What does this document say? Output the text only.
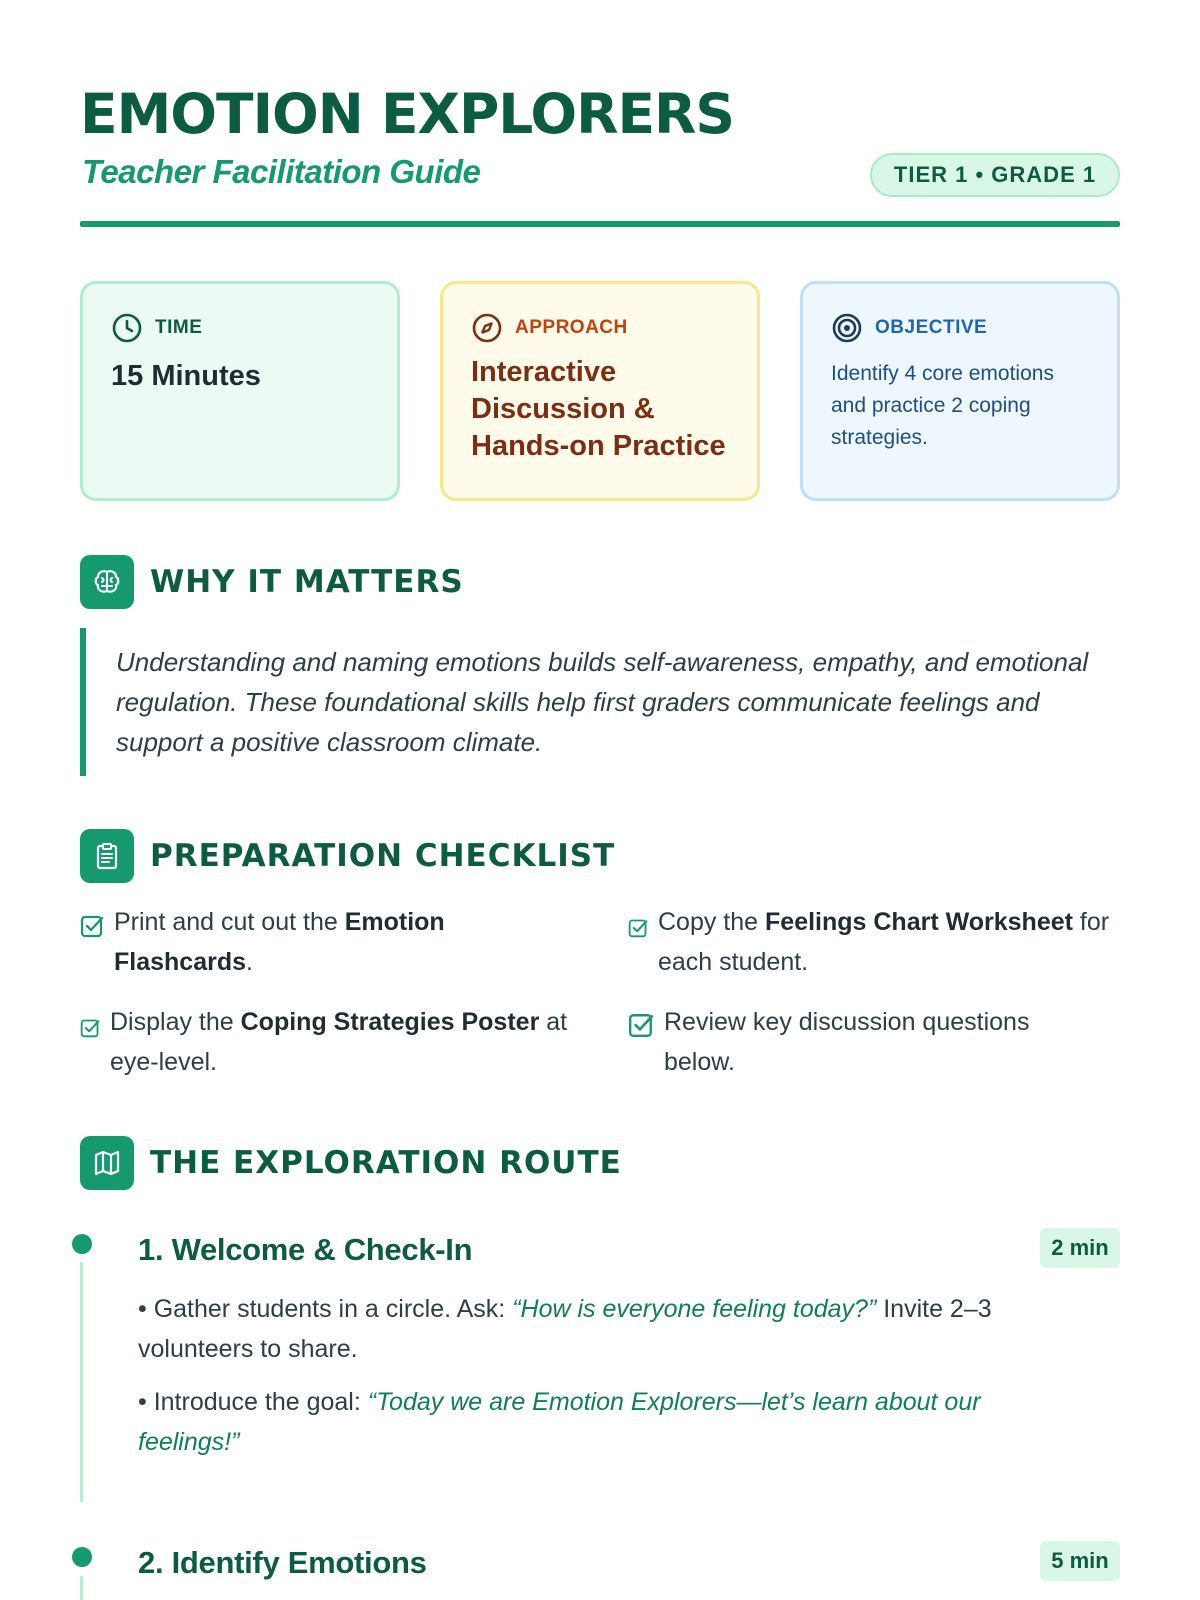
EMOTION EXPLORERS
Teacher Facilitation Guide	TIER 1 • GRADE 1
TIME
15 Minutes
APPROACH
Interactive Discussion & Hands-on Practice
OBJECTIVE
Identify 4 core emotions and practice 2 coping strategies.
WHY IT MATTERS
Understanding and naming emotions builds self-awareness, empathy, and emotional regulation. These foundational skills help first graders communicate feelings and support a positive classroom climate.
PREPARATION CHECKLIST
Print and cut out the Emotion Flashcards.
Copy the Feelings Chart Worksheet for each student.
Display the Coping Strategies Poster at eye-level.
Review key discussion questions below.
THE EXPLORATION ROUTE
1. Welcome & Check-In	2 min
• Gather students in a circle. Ask: “How is everyone feeling today?” Invite 2–3 volunteers to share.
• Introduce the goal: “Today we are Emotion Explorers—let’s learn about our feelings!”
2. Identify Emotions	5 min
